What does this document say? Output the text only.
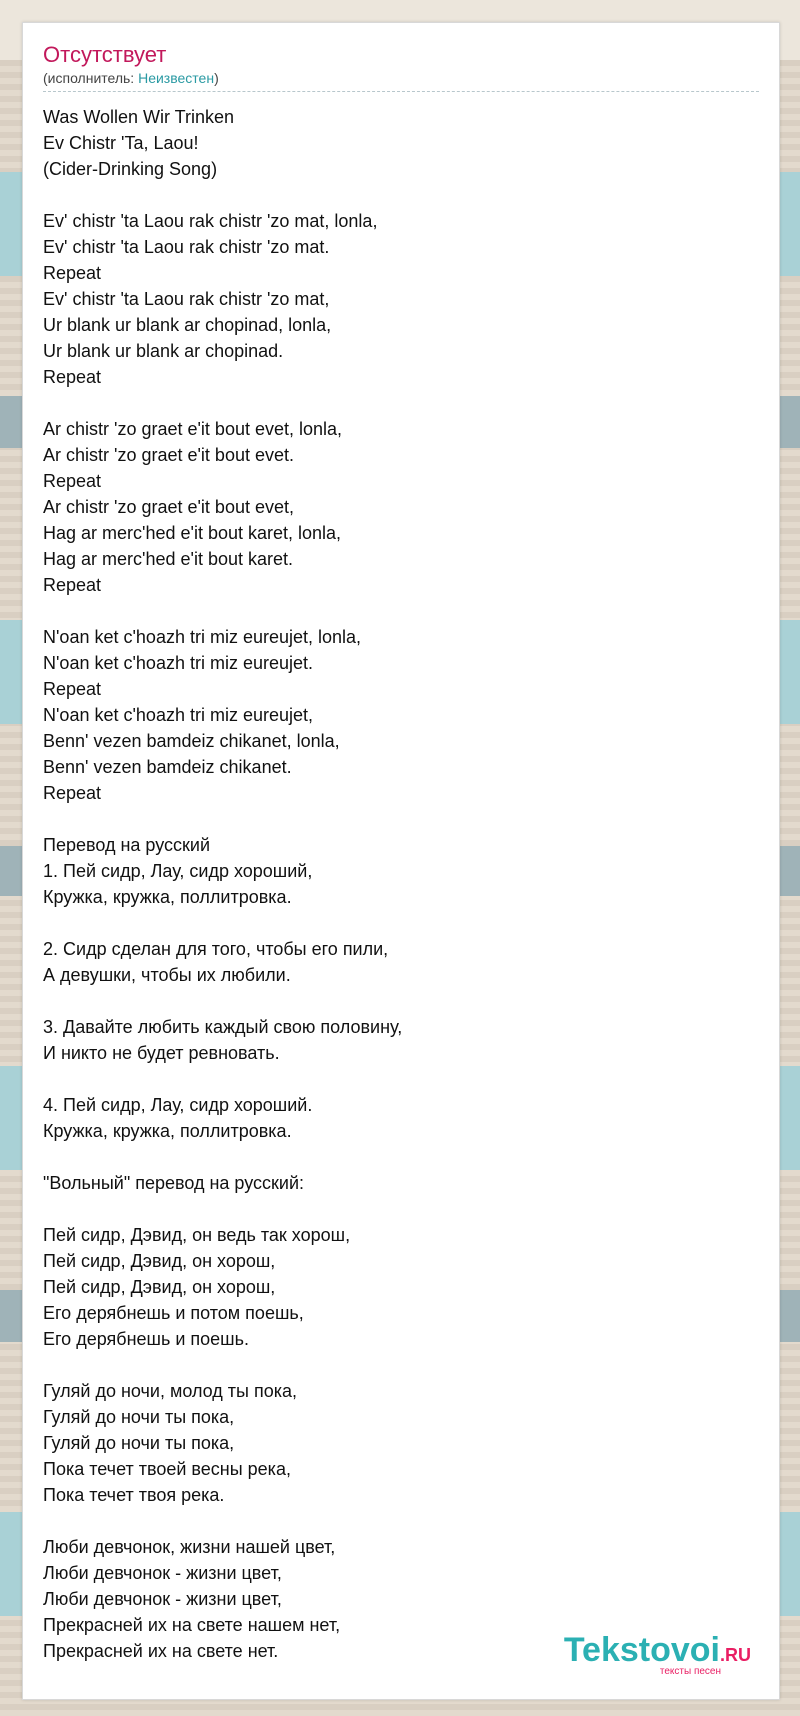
Отсутствует
(исполнитель: Неизвестен)
Was Wollen Wir Trinken
Ev Chistr 'Ta, Laou!
(Cider-Drinking Song)
Ev' chistr 'ta Laou rak chistr 'zo mat, lonla,
Ev' chistr 'ta Laou rak chistr 'zo mat.
Repeat
Ev' chistr 'ta Laou rak chistr 'zo mat,
Ur blank ur blank ar chopinad, lonla,
Ur blank ur blank ar chopinad.
Repeat
Ar chistr 'zo graet e'it bout evet, lonla,
Ar chistr 'zo graet e'it bout evet.
Repeat
Ar chistr 'zo graet e'it bout evet,
Hag ar merc'hed e'it bout karet, lonla,
Hag ar merc'hed e'it bout karet.
Repeat
N'oan ket c'hoazh tri miz eureujet, lonla,
N'oan ket c'hoazh tri miz eureujet.
Repeat
N'oan ket c'hoazh tri miz eureujet,
Benn' vezen bamdeiz chikanet, lonla,
Benn' vezen bamdeiz chikanet.
Repeat
Перевод на русский
1. Пей сидр, Лау, сидр хороший,
Кружка, кружка, поллитровка.
2. Сидр сделан для того, чтобы его пили,
А девушки, чтобы их любили.
3. Давайте любить каждый свою половину,
И никто не будет ревновать.
4. Пей сидр, Лау, сидр хороший.
Кружка, кружка, поллитровка.
"Вольный" перевод на русский:
Пей сидр, Дэвид, он ведь так хорош,
Пей сидр, Дэвид, он хорош,
Пей сидр, Дэвид, он хорош,
Его дерябнешь и потом поешь,
Его дерябнешь и поешь.
Гуляй до ночи, молод ты пока,
Гуляй до ночи ты пока,
Гуляй до ночи ты пока,
Пока течет твоей весны река,
Пока течет твоя река.
Люби девчонок, жизни нашей цвет,
Люби девчонок - жизни цвет,
Люби девчонок - жизни цвет,
Прекрасней их на свете нашем нет,
Прекрасней их на свете нет.	Tekstovoi.RU
тексты песен
